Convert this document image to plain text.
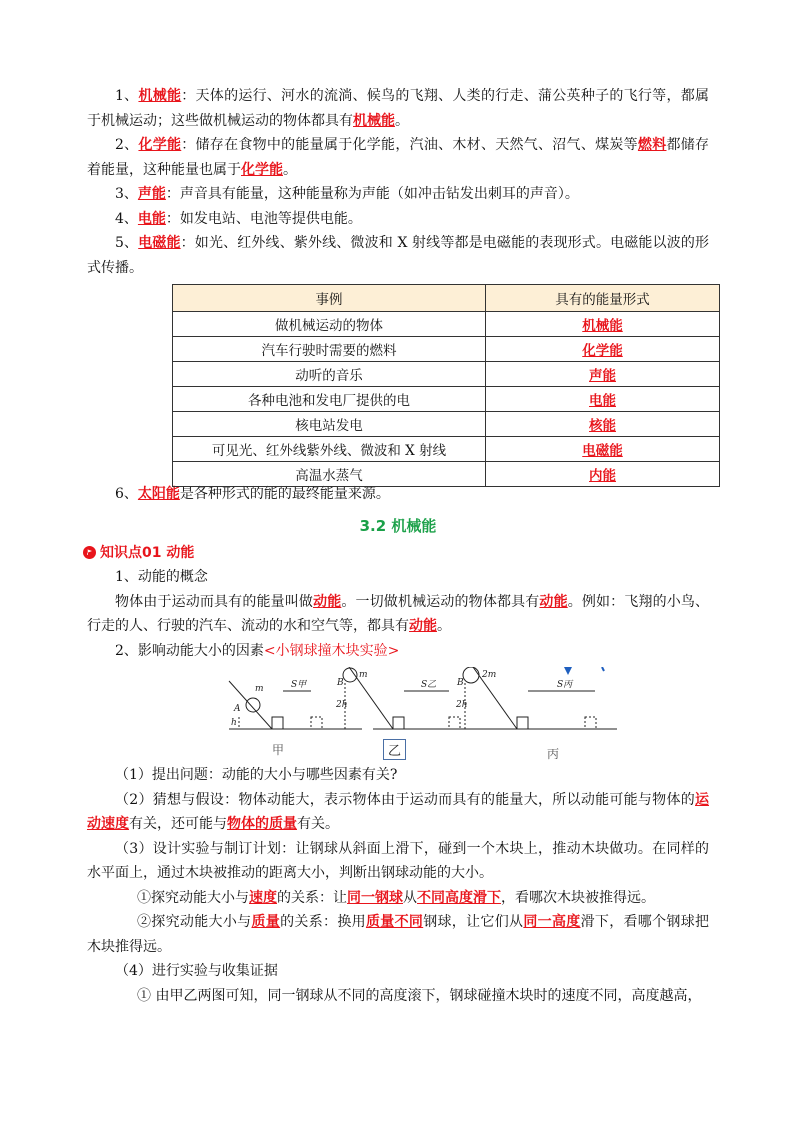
1、机械能：天体的运行、河水的流淌、候鸟的飞翔、人类的行走、蒲公英种子的飞行等，都属于机械运动；这些做机械运动的物体都具有机械能。

2、化学能：储存在食物中的能量属于化学能，汽油、木材、天然气、沼气、煤炭等燃料都储存着能量，这种能量也属于化学能。

3、声能：声音具有能量，这种能量称为声能（如冲击钻发出刺耳的声音）。

4、电能：如发电站、电池等提供电能。

5、电磁能：如光、红外线、紫外线、微波和 X 射线等都是电磁能的表现形式。电磁能以波的形式传播。

6、太阳能是各种形式的能的最终能量来源。

3.2 机械能

知识点01 动能

1、动能的概念

物体由于运动而具有的能量叫做动能。一切做机械运动的物体都具有动能。例如：飞翔的小鸟、行走的人、行驶的汽车、流动的水和空气等，都具有动能。

2、影响动能大小的因素<小钢球撞木块实验>

m
A
h
S甲
m
B
2h
S乙
2m
B
2h
S丙
甲	乙	丙

（1）提出问题：动能的大小与哪些因素有关?

（2）猜想与假设：物体动能大，表示物体由于运动而具有的能量大，所以动能可能与物体的运动速度有关，还可能与物体的质量有关。

（3）设计实验与制订计划：让钢球从斜面上滑下，碰到一个木块上，推动木块做功。在同样的水平面上，通过木块被推动的距离大小，判断出钢球动能的大小。

①探究动能大小与速度的关系：让同一钢球从不同高度滑下，看哪次木块被推得远。

②探究动能大小与质量的关系：换用质量不同钢球，让它们从同一高度滑下，看哪个钢球把木块推得远。

（4）进行实验与收集证据

① 由甲乙两图可知，同一钢球从不同的高度滚下，钢球碰撞木块时的速度不同，高度越高，

事例	具有的能量形式
做机械运动的物体	机械能
汽车行驶时需要的燃料	化学能
动听的音乐	声能
各种电池和发电厂提供的电	电能
核电站发电	核能
可见光、红外线紫外线、微波和 X 射线	电磁能
高温水蒸气	内能
